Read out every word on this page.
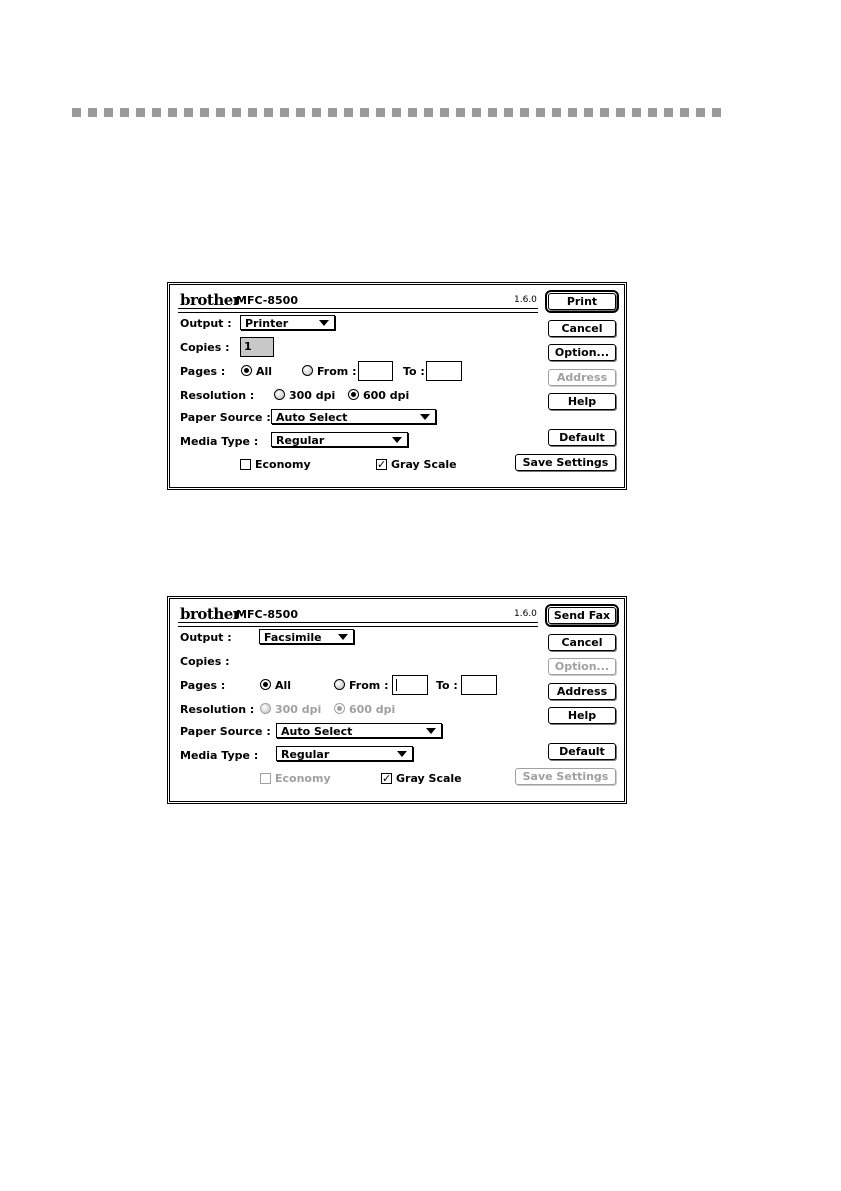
brother
MFC-8500	1.6.0
Output :	Printer
Copies :	1
Pages :	All	From :	To :
Resolution :	300 dpi	600 dpi
Paper Source : Auto Select
Media Type :	Regular
Economy	✓ Gray Scale
Print
Cancel
Option...
Address
Help
Default
Save Settings
brother
MFC-8500	1.6.0
Output :	Facsimile
Copies :
Pages :	All	From :	To :
Resolution : 300 dpi	600 dpi
Paper Source : Auto Select
Media Type :	Regular
Economy	✓ Gray Scale
Send Fax
Cancel
Option...
Address
Help
Default
Save Settings
